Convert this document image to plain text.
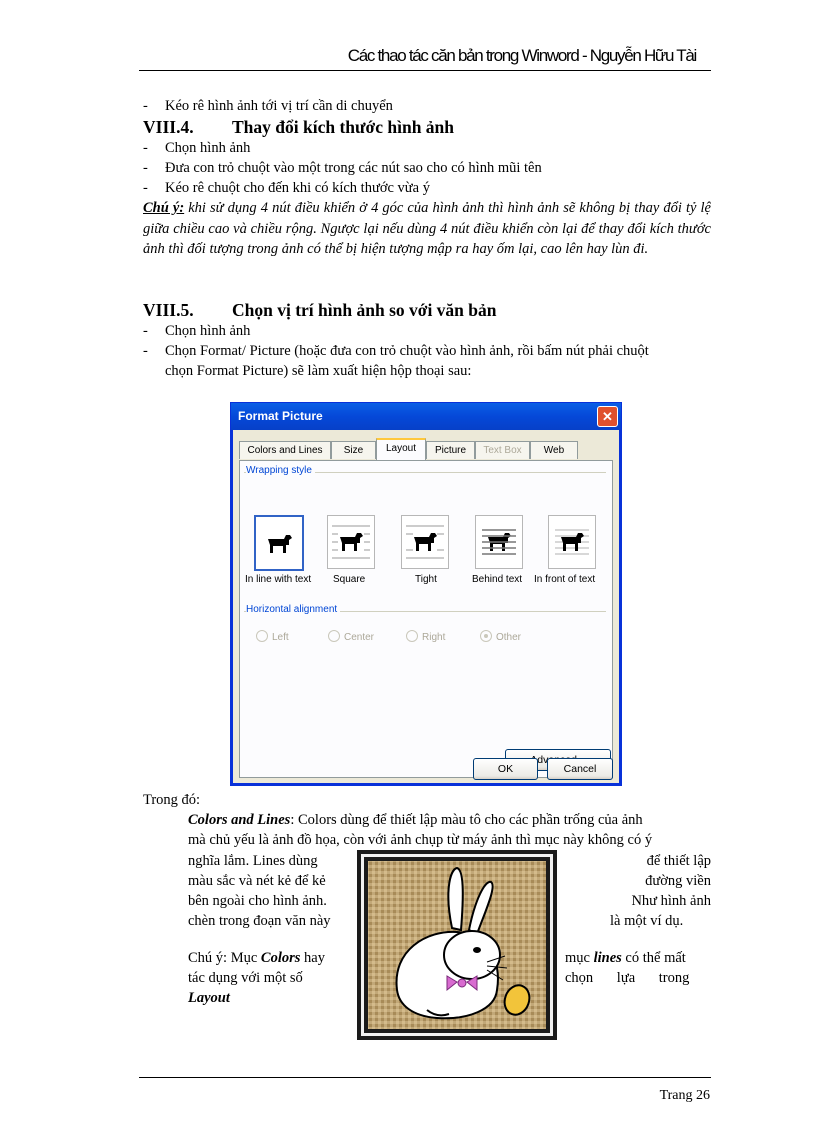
Các thao tác căn bản trong Winword - Nguyễn Hữu Tài
- Kéo rê hình ảnh tới vị trí cần di chuyển
VIII.4. Thay đổi kích thước hình ảnh
- Chọn hình ảnh
- Đưa con trỏ chuột vào một trong các nút sao cho có hình mũi tên
- Kéo rê chuột cho đến khi có kích thước vừa ý
Chú ý: khi sử dụng 4 nút điều khiển ở 4 góc của hình ảnh thì hình ảnh sẽ không bị thay đổi tỷ lệ giữa chiều cao và chiều rộng. Ngược lại nếu dùng 4 nút điều khiển còn lại để thay đổi kích thước ảnh thì đối tượng trong ảnh có thể bị hiện tượng mập ra hay ốm lại, cao lên hay lùn đi.
VIII.5. Chọn vị trí hình ảnh so với văn bản
- Chọn hình ảnh
- Chọn Format/ Picture (hoặc đưa con trỏ chuột vào hình ảnh, rồi bấm nút phải chuột
chọn Format Picture) sẽ làm xuất hiện hộp thoại sau:
Format Picture	✕
Colors and Lines	Size	Layout	Picture	Text Box	Web
Wrapping style
In line with text Square	Tight	Behind text In front of text
Horizontal alignment
Left	Center	Right	Other
OK	Cancel
Trong đó:
Colors and Lines: Colors dùng để thiết lập màu tô cho các phần trống của ảnh
mà chủ yếu là ảnh đồ họa, còn với ảnh chụp từ máy ảnh thì mục này không có ý
nghĩa lắm. Lines dùng
màu sắc và nét kẻ để kẻ
bên ngoài cho hình ảnh.
chèn trong đoạn văn này
để thiết lập
đường viền
Như hình ảnh
là một ví dụ.
Chú ý: Mục Colors hay
tác dụng với một số
Layout
mục lines có thể mất
chọn lựa trong
Trang 26
